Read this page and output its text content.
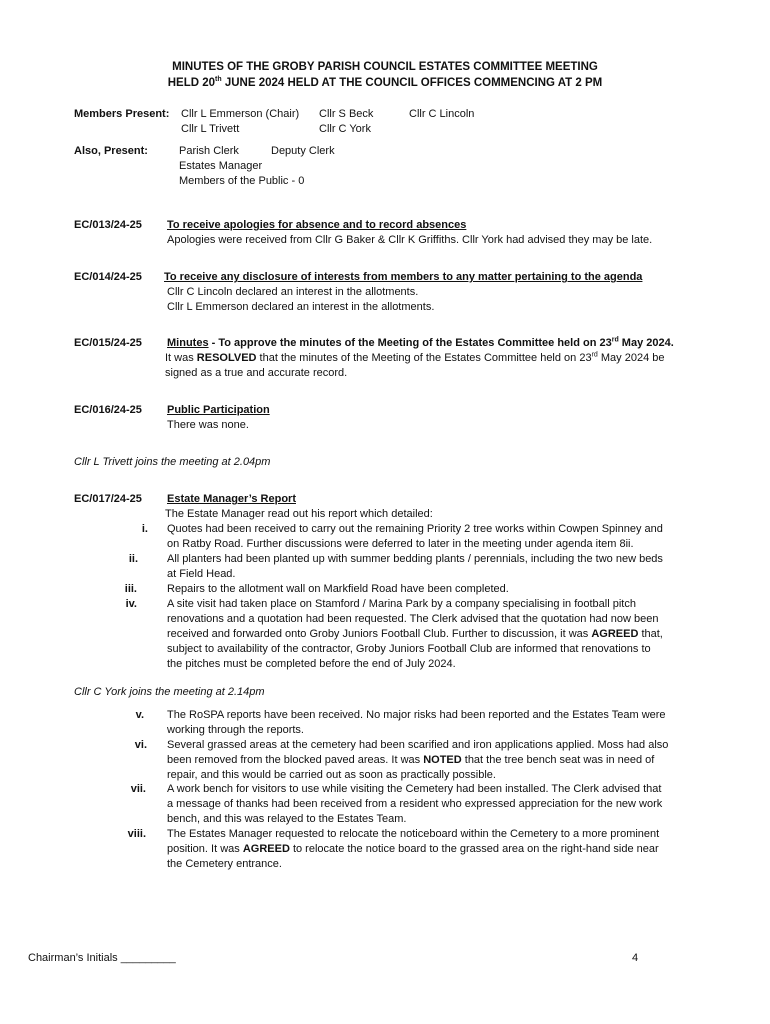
MINUTES OF THE GROBY PARISH COUNCIL ESTATES COMMITTEE MEETING
HELD 20th JUNE 2024 HELD AT THE COUNCIL OFFICES COMMENCING AT 2 PM
Members Present: Cllr L Emmerson (Chair) Cllr S Beck	Cllr C Lincoln
Cllr L Trivett	Cllr C York
Also, Present:	Parish Clerk	Deputy Clerk
Estates Manager
Members of the Public - 0
EC/013/24-25 To receive apologies for absence and to record absences
Apologies were received from Cllr G Baker & Cllr K Griffiths. Cllr York had advised they may be late.
EC/014/24-25 To receive any disclosure of interests from members to any matter pertaining to the agenda
Cllr C Lincoln declared an interest in the allotments.
Cllr L Emmerson declared an interest in the allotments.
EC/015/24-25 Minutes - To approve the minutes of the Meeting of the Estates Committee held on 23rd May 2024.
It was RESOLVED that the minutes of the Meeting of the Estates Committee held on 23rd May 2024 be
signed as a true and accurate record.
EC/016/24-25 Public Participation
There was none.
Cllr L Trivett joins the meeting at 2.04pm
EC/017/24-25 Estate Manager’s Report
The Estate Manager read out his report which detailed:
i. Quotes had been received to carry out the remaining Priority 2 tree works within Cowpen Spinney and
on Ratby Road. Further discussions were deferred to later in the meeting under agenda item 8ii.
ii.	All planters had been planted up with summer bedding plants / perennials, including the two new beds
at Field Head.
iii.	Repairs to the allotment wall on Markfield Road have been completed.
iv.	A site visit had taken place on Stamford / Marina Park by a company specialising in football pitch
renovations and a quotation had been requested. The Clerk advised that the quotation had now been
received and forwarded onto Groby Juniors Football Club. Further to discussion, it was AGREED that,
subject to availability of the contractor, Groby Juniors Football Club are informed that renovations to
the pitches must be completed before the end of July 2024.
Cllr C York joins the meeting at 2.14pm
v. The RoSPA reports have been received. No major risks had been reported and the Estates Team were
working through the reports.
vi. Several grassed areas at the cemetery had been scarified and iron applications applied. Moss had also
been removed from the blocked paved areas. It was NOTED that the tree bench seat was in need of
repair, and this would be carried out as soon as practically possible.
vii. A work bench for visitors to use while visiting the Cemetery had been installed. The Clerk advised that
a message of thanks had been received from a resident who expressed appreciation for the new work
bench, and this was relayed to the Estates Team.
viii. The Estates Manager requested to relocate the noticeboard within the Cemetery to a more prominent
position. It was AGREED to relocate the notice board to the grassed area on the right-hand side near
the Cemetery entrance.
Chairman’s Initials _________	4
